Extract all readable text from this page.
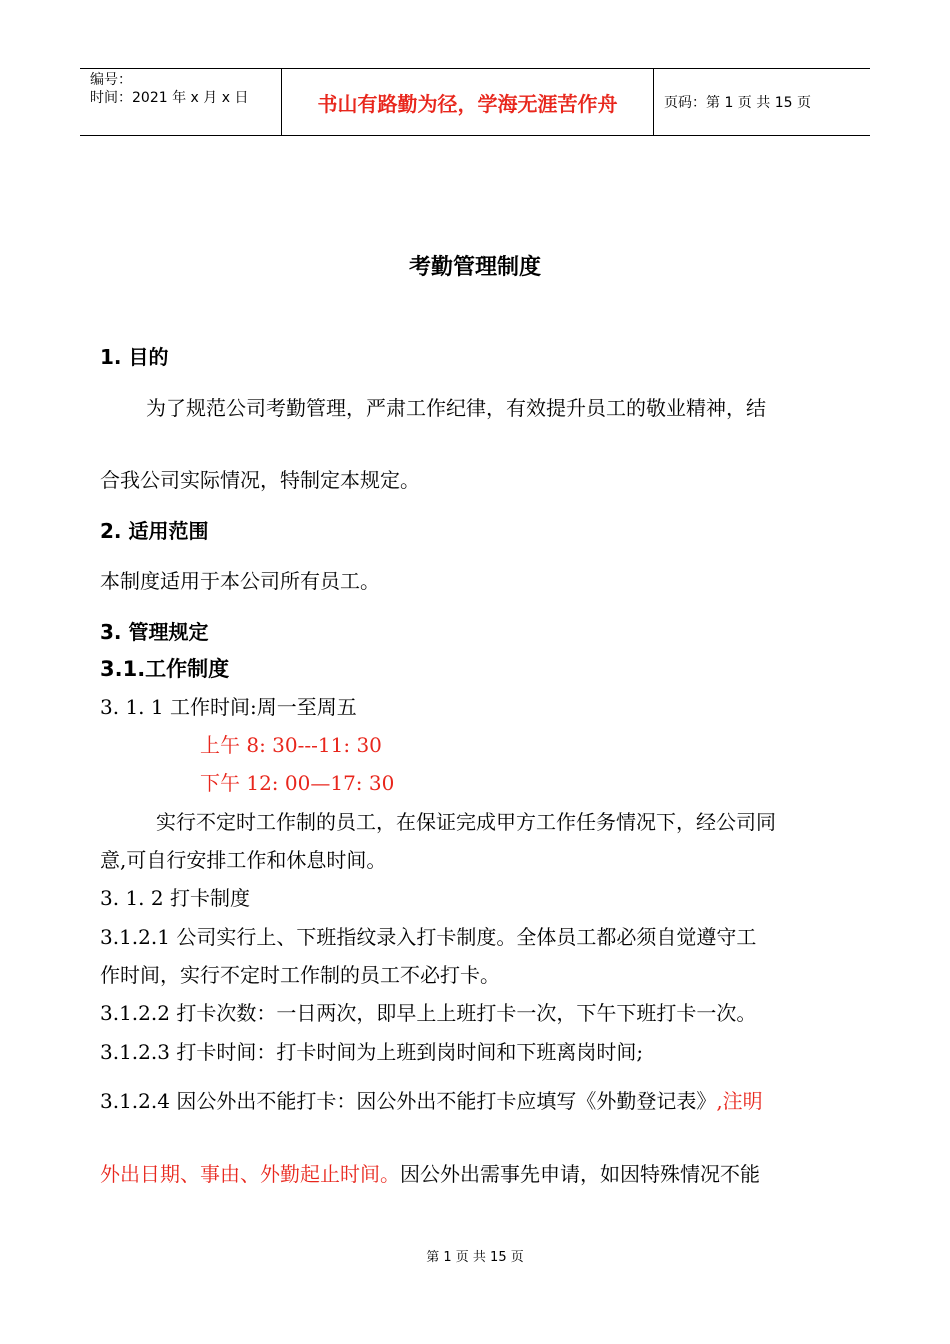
编号：
时间：2021 年 x 月 x 日	书山有路勤为径，学海无涯苦作舟	页码：第 1 页 共 15 页
考勤管理制度
1. 目的
为了规范公司考勤管理，严肃工作纪律，有效提升员工的敬业精神，结
合我公司实际情况，特制定本规定。
2. 适用范围
本制度适用于本公司所有员工。
3. 管理规定
3.1.工作制度
3. 1. 1 工作时间:周一至周五
上午 8: 30---11: 30
下午 12: 00—17: 30
实行不定时工作制的员工，在保证完成甲方工作任务情况下，经公司同
意,可自行安排工作和休息时间。
3. 1. 2 打卡制度
3.1.2.1 公司实行上、下班指纹录入打卡制度。全体员工都必须自觉遵守工
作时间，实行不定时工作制的员工不必打卡。
3.1.2.2 打卡次数：一日两次，即早上上班打卡一次，下午下班打卡一次。
3.1.2.3 打卡时间：打卡时间为上班到岗时间和下班离岗时间;
3.1.2.4 因公外出不能打卡：因公外出不能打卡应填写《外勤登记表》,注明
外出日期、事由、外勤起止时间。因公外出需事先申请，如因特殊情况不能
第 1 页 共 15 页
